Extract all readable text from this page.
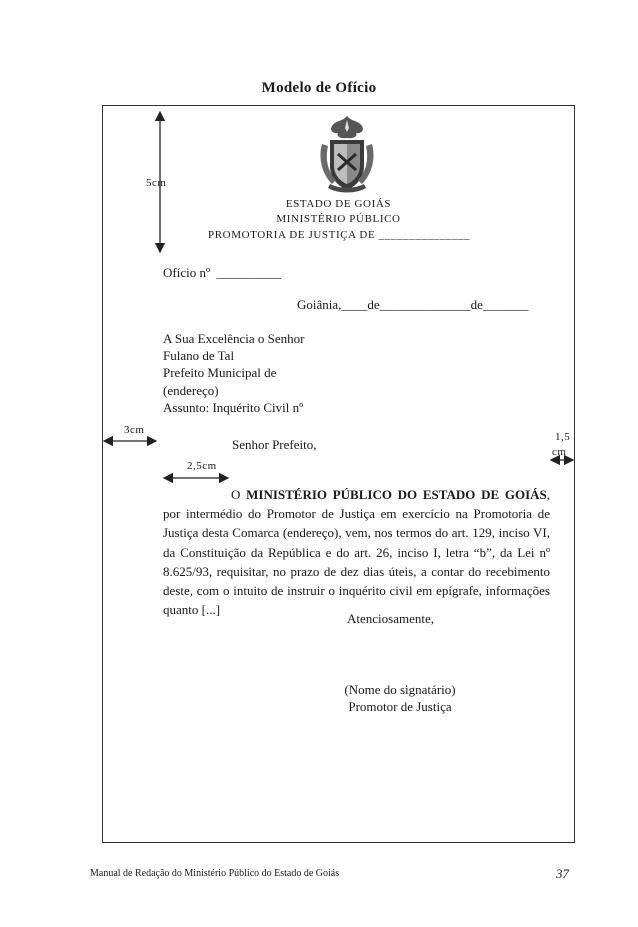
Modelo de Ofício
5cm
3cm
1,5
cm
2,5cm
ESTADO DE GOIÁS
MINISTÉRIO PÚBLICO
PROMOTORIA DE JUSTIÇA DE _______________
Ofício nº  __________
Goiânia,____de______________de_______
A Sua Excelência o Senhor
Fulano de Tal
Prefeito Municipal de
(endereço)
Assunto: Inquérito Civil nº
Senhor Prefeito,
O MINISTÉRIO PÚBLICO DO ESTADO DE GOIÁS, por intermédio do Promotor de Justiça em exercício na Promotoria de Justiça desta Comarca (endereço), vem, nos termos do art. 129, inciso VI, da Constituição da República e do art. 26, inciso I, letra “b”, da Lei nº 8.625/93, requisitar, no prazo de dez dias úteis, a contar do recebimento deste, com o intuito de instruir o inquérito civil em epígrafe, informações quanto [...]
Atenciosamente,
(Nome do signatário)
Promotor de Justiça
Manual de Redação do Ministério Público do Estado de Goiás	37
